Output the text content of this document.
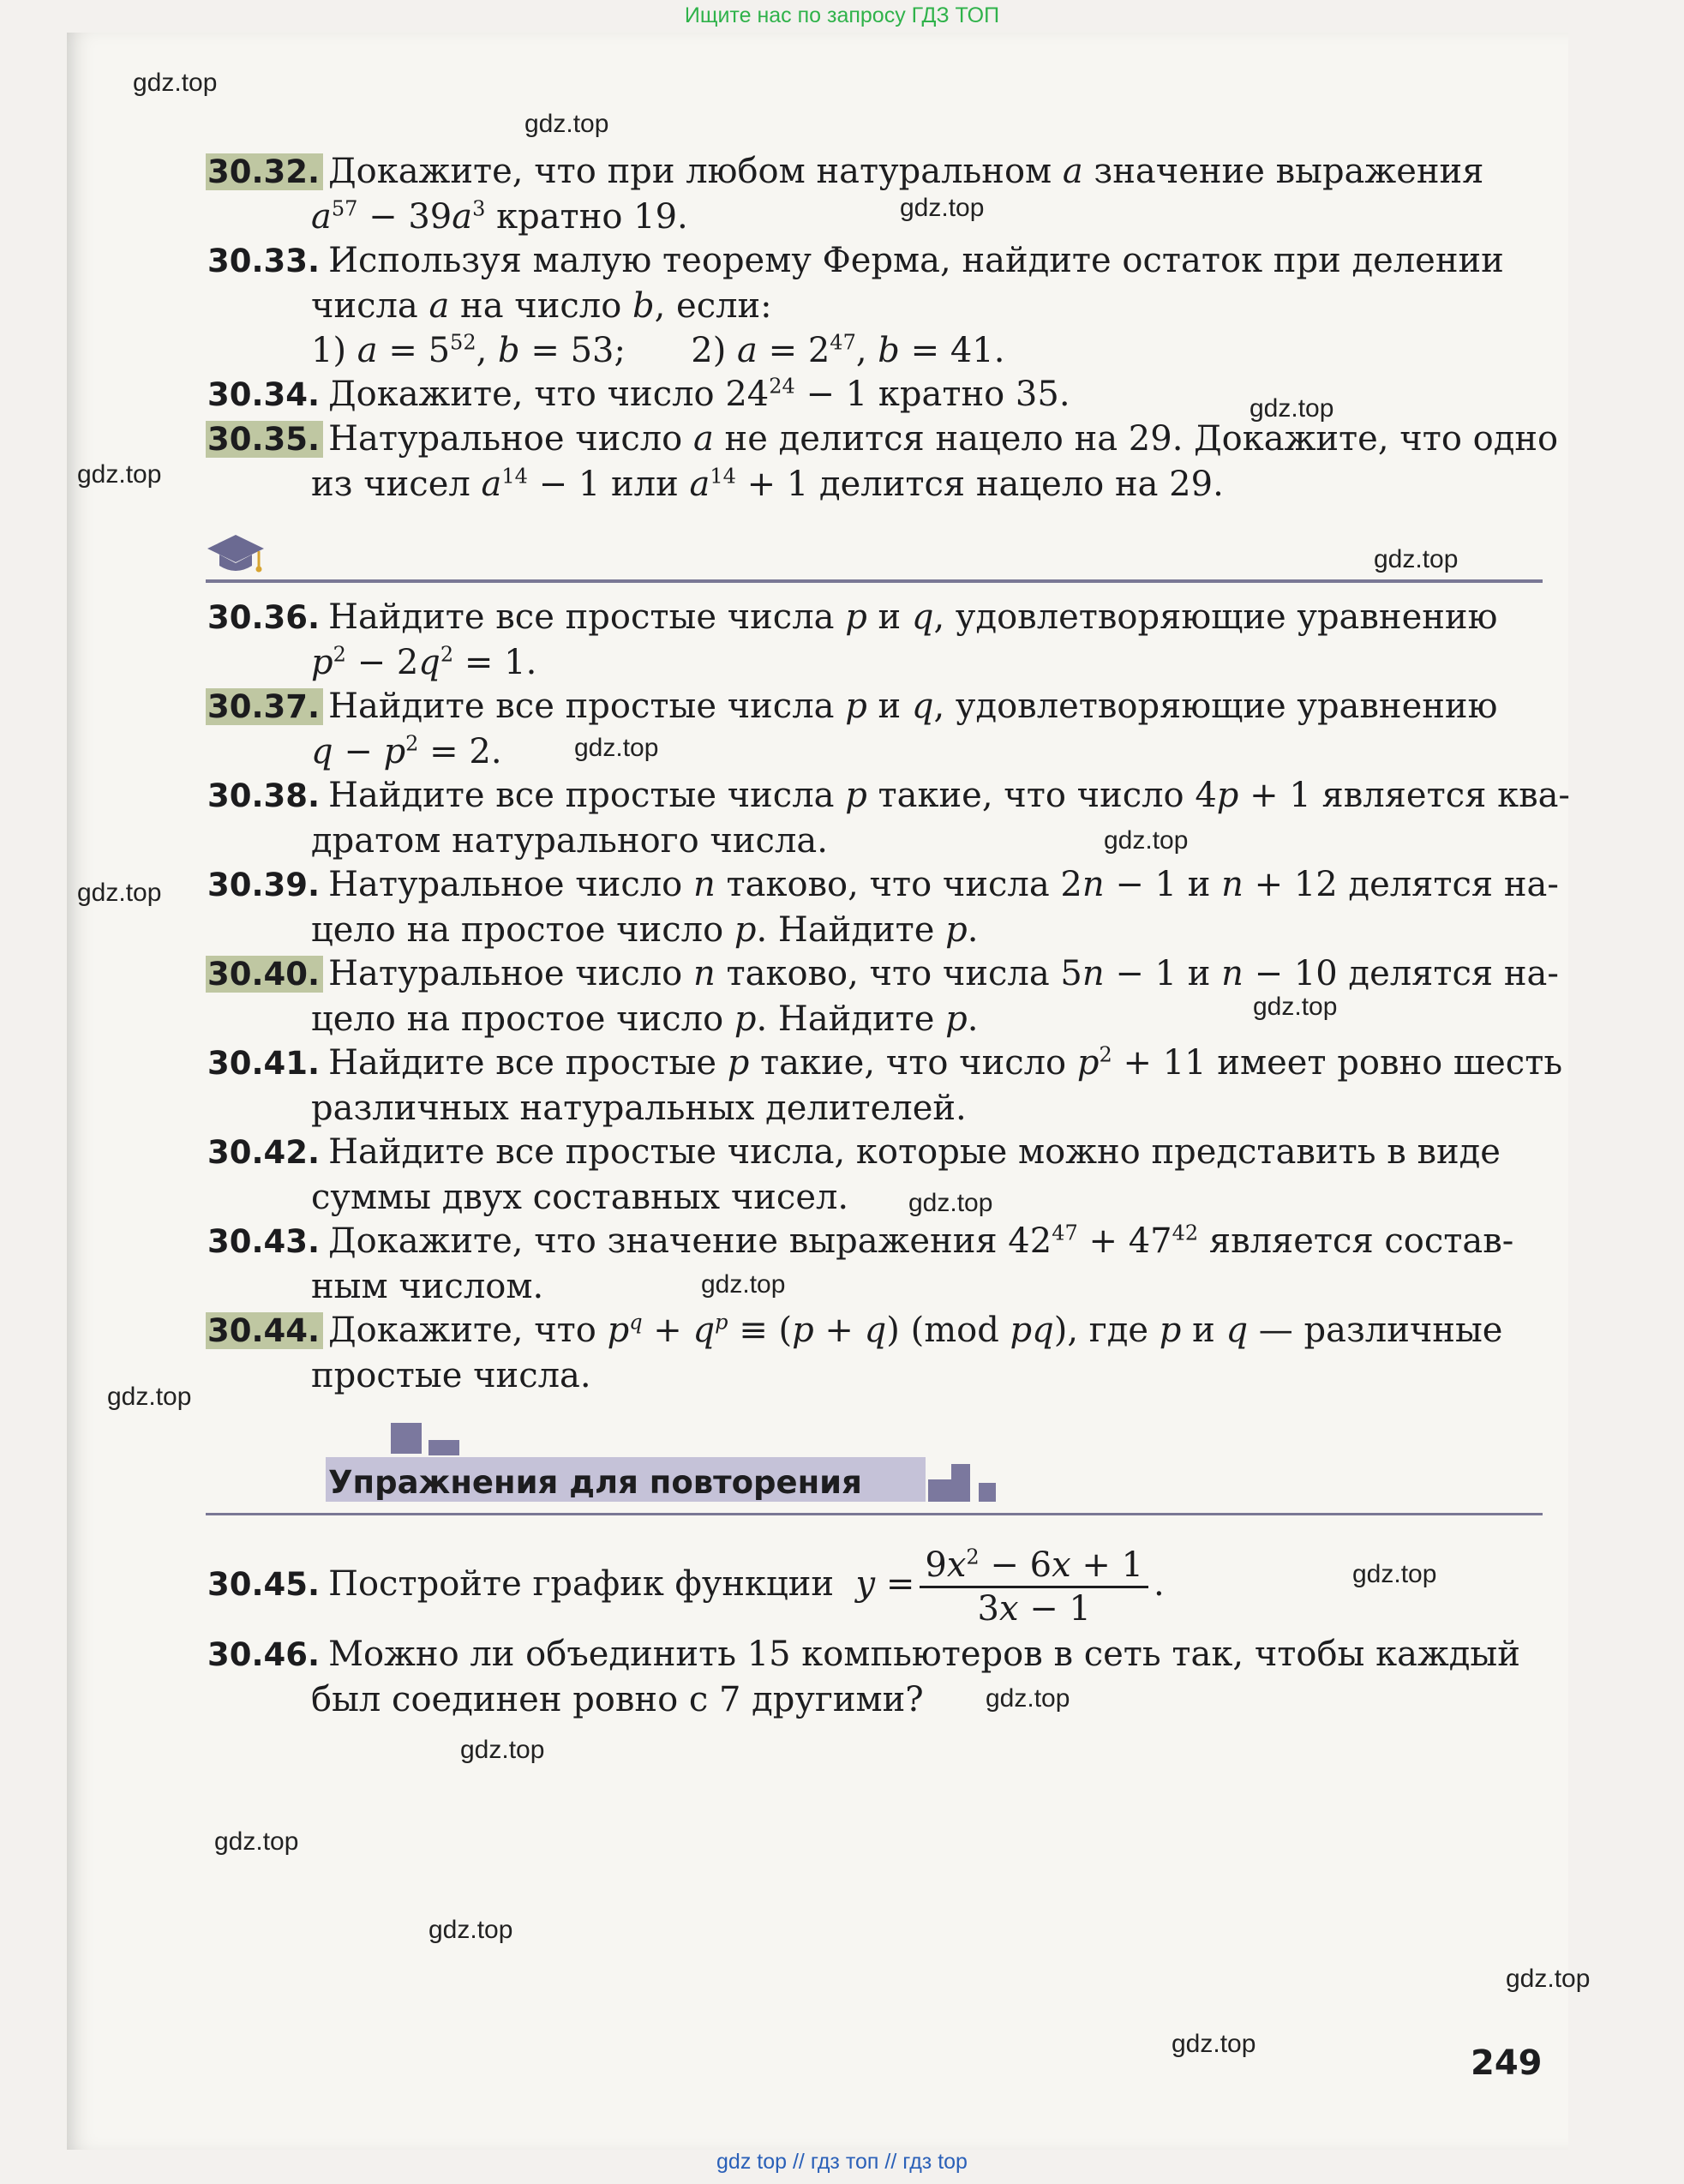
Ищите нас по запросу ГДЗ ТОП
gdz.top
gdz.top
gdz.top
gdz.top
gdz.top
gdz.top
gdz.top
gdz.top
gdz.top
gdz.top
gdz.top
gdz.top
gdz.top
gdz.top
gdz.top
gdz.top
gdz.top
gdz.top
gdz.top
gdz.top
30.32. Докажите, что при любом натуральном a значение выражения
$a^{57} - 39a^3$ кратно 19.
30.33. Используя малую теорему Ферма, найдите остаток при делении
числа a на число b, если:
1) $a = 5^{52}$, b = 53;      2) $a = 2^{47}$, b = 41.
30.34. Докажите, что число $24^{24} - 1$ кратно 35.
30.35. Натуральное число a не делится нацело на 29. Докажите, что одно
из чисел $a^{14} - 1$ или $a^{14} + 1$ делится нацело на 29.
30.36. Найдите все простые числа p и q, удовлетворяющие уравнению
$p^2 - 2q^2 = 1$.
30.37. Найдите все простые числа p и q, удовлетворяющие уравнению
$q - p^2 = 2$.
30.38. Найдите все простые числа p такие, что число 4p + 1 является ква-
дратом натурального числа.
30.39. Натуральное число n таково, что числа 2n − 1 и n + 12 делятся на-
цело на простое число p. Найдите p.
30.40. Натуральное число n таково, что числа 5n − 1 и n − 10 делятся на-
цело на простое число p. Найдите p.
30.41. Найдите все простые p такие, что число $p^2 + 11$ имеет ровно шесть
различных натуральных делителей.
30.42. Найдите все простые числа, которые можно представить в виде
суммы двух составных чисел.
30.43. Докажите, что значение выражения $42^{47} + 47^{42}$ является состав-
ным числом.
30.44. Докажите, что $p^q + q^p \equiv (p + q)$ (mod pq), где p и q — различные
простые числа.
Упражнения для повторения
30.45. Постройте график функции $y = \frac{9x^2 - 6x + 1}{3x - 1}$ .
30.46. Можно ли объединить 15 компьютеров в сеть так, чтобы каждый
был соединен ровно с 7 другими?
249
gdz top // гдз топ // гдз top
